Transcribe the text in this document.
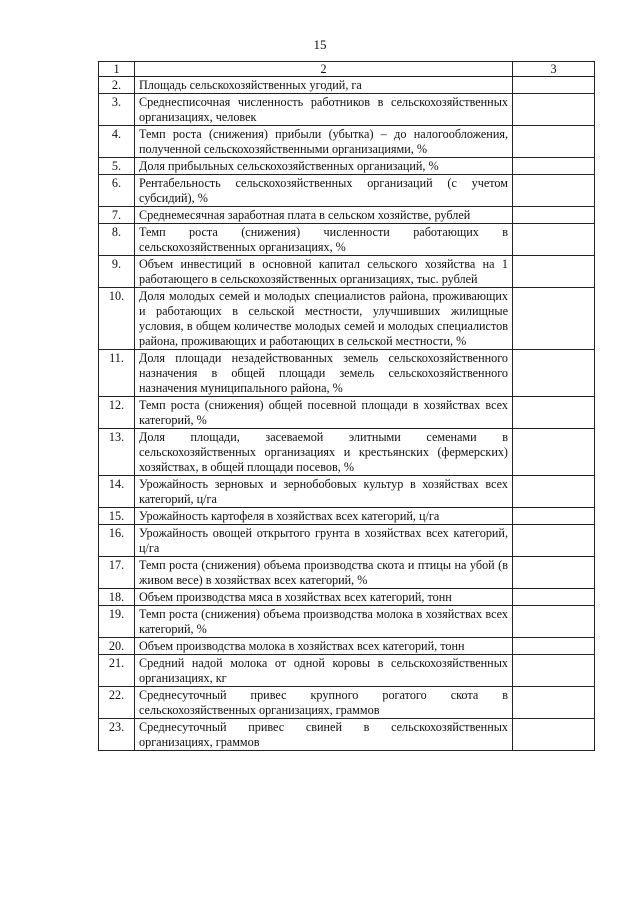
15
1	2	3
2.	Площадь сельскохозяйственных угодий, га	
3.	Среднесписочная численность работников в сельскохозяйственных организациях, человек	
4.	Темп роста (снижения) прибыли (убытка) – до налогообложения, полученной сельскохозяйственными организациями, %	
5.	Доля прибыльных сельскохозяйственных организаций, %	
6.	Рентабельность сельскохозяйственных организаций (с учетом субсидий), %	
7.	Среднемесячная заработная плата в сельском хозяйстве, рублей	
8.	Темп роста (снижения) численности работающих в сельскохозяйственных организациях, %	
9.	Объем инвестиций в основной капитал сельского хозяйства на 1 работающего в сельскохозяйственных организациях, тыс. рублей	
10.	Доля молодых семей и молодых специалистов района, проживающих и работающих в сельской местности, улучшивших жилищные условия, в общем количестве молодых семей и молодых специалистов района, проживающих и работающих в сельской местности, %	
11.	Доля площади незадействованных земель сельскохозяйственного назначения в общей площади земель сельскохозяйственного назначения муниципального района, %	
12.	Темп роста (снижения) общей посевной площади в хозяйствах всех категорий, %	
13.	Доля площади, засеваемой элитными семенами в сельскохозяйственных организациях и крестьянских (фермерских) хозяйствах, в общей площади посевов, %	
14.	Урожайность зерновых и зернобобовых культур в хозяйствах всех категорий, ц/га	
15.	Урожайность картофеля в хозяйствах всех категорий, ц/га	
16.	Урожайность овощей открытого грунта в хозяйствах всех категорий, ц/га	
17.	Темп роста (снижения) объема производства скота и птицы на убой (в живом весе) в хозяйствах всех категорий, %	
18.	Объем производства мяса в хозяйствах всех категорий, тонн	
19.	Темп роста (снижения) объема производства молока в хозяйствах всех категорий, %	
20.	Объем производства молока в хозяйствах всех категорий, тонн	
21.	Средний надой молока от одной коровы в сельскохозяйственных организациях, кг	
22.	Среднесуточный привес крупного рогатого скота в сельскохозяйственных организациях, граммов	
23.	Среднесуточный привес свиней в сельскохозяйственных организациях, граммов	
